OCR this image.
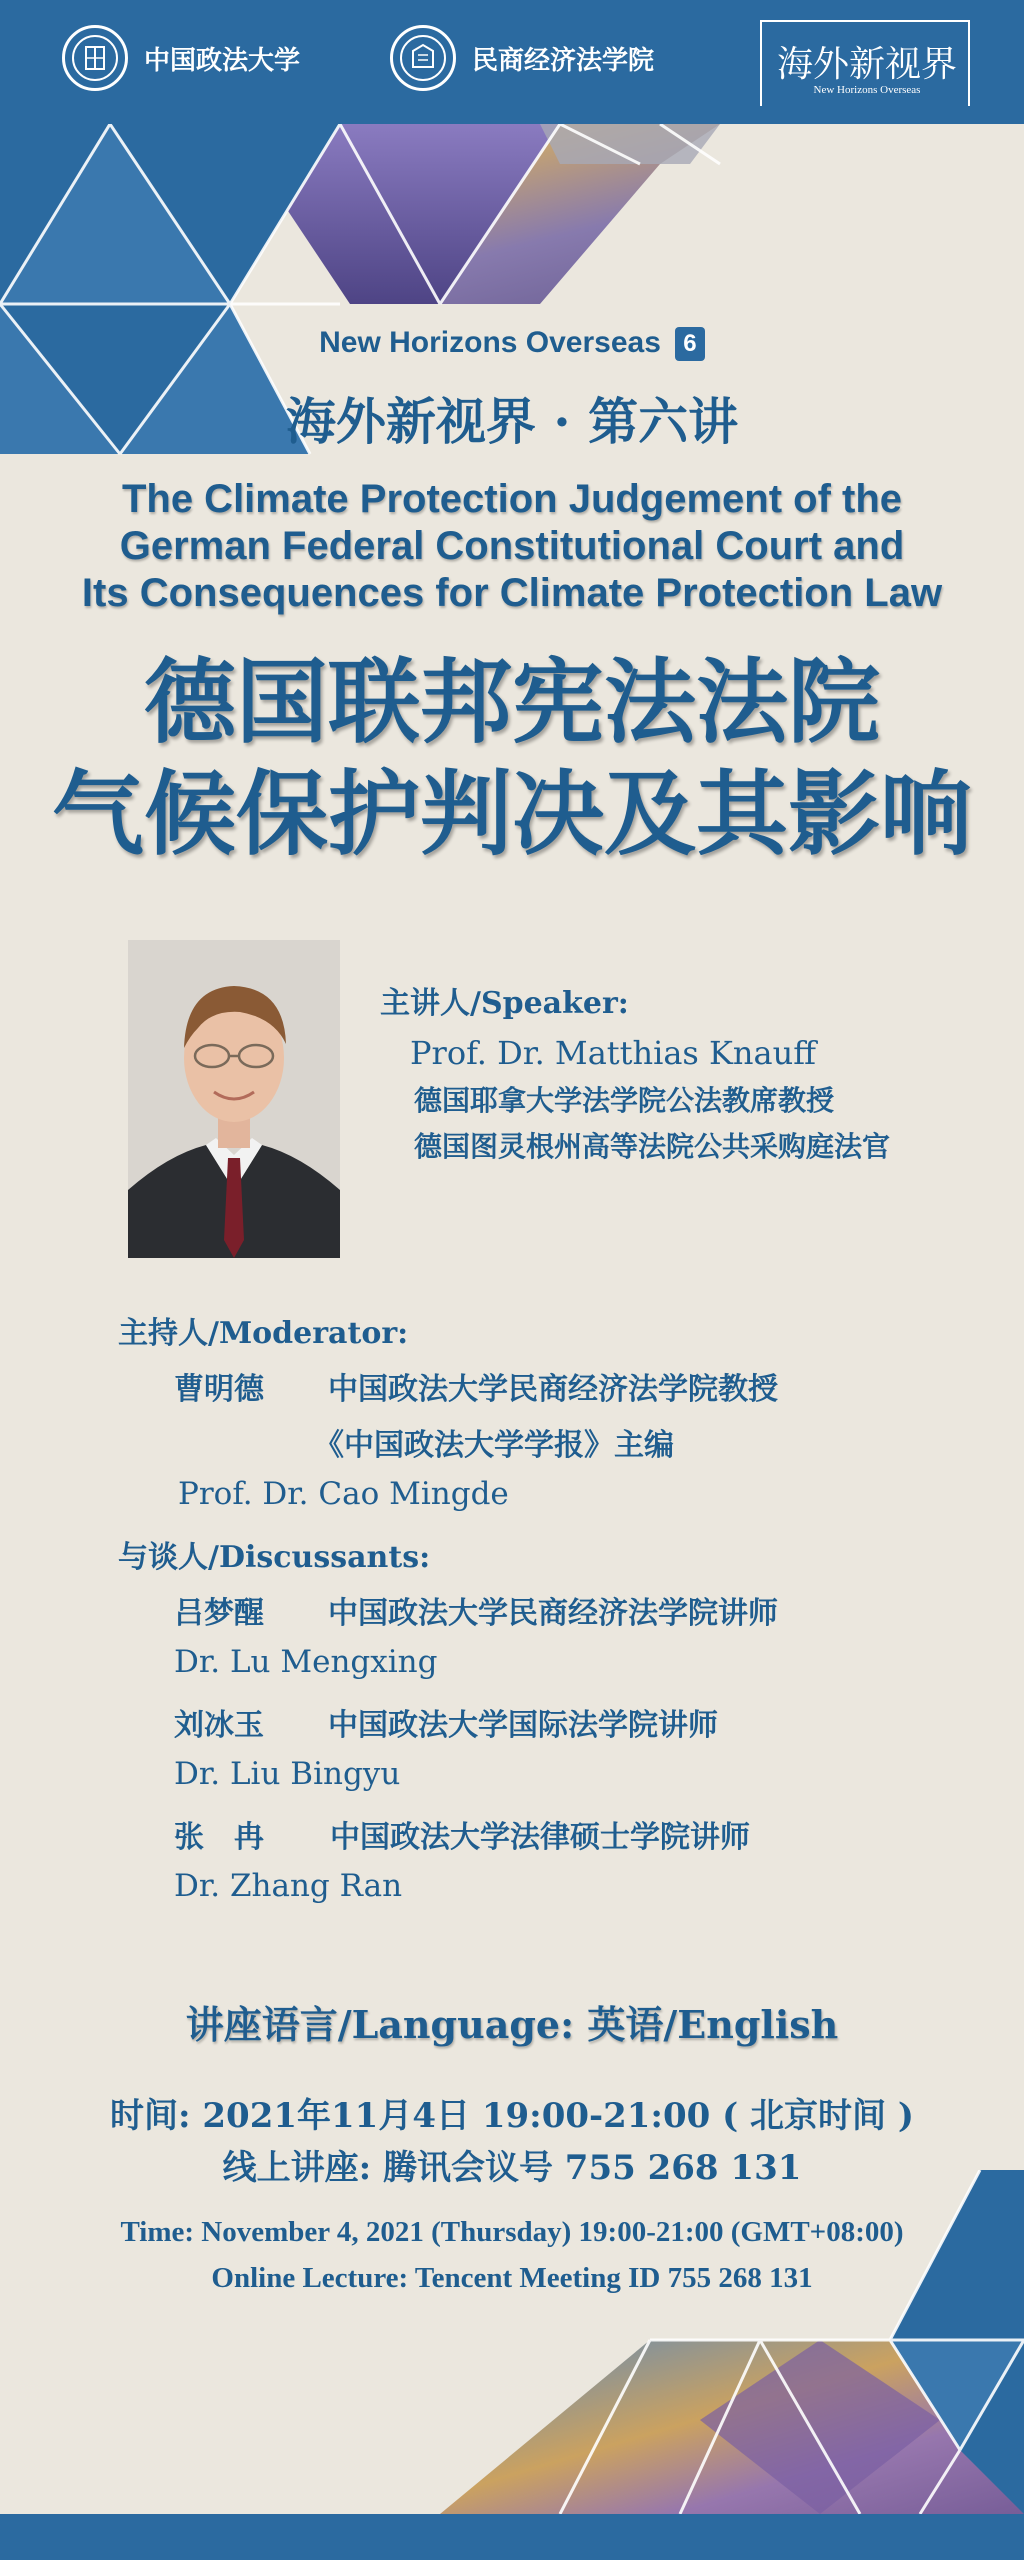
中国政法大学	民商经济法学院	海外新视界
New Horizons Overseas
New Horizons Overseas 6
海外新视界 · 第六讲
The Climate Protection Judgement of the
German Federal Constitutional Court and
Its Consequences for Climate Protection Law
德国联邦宪法法院
气候保护判决及其影响
主讲人/Speaker:
Prof. Dr. Matthias Knauff
德国耶拿大学法学院公法教席教授
德国图灵根州高等法院公共采购庭法官
主持人/Moderator:
曹明德 中国政法大学民商经济法学院教授
《中国政法大学学报》主编
Prof. Dr. Cao Mingde
与谈人/Discussants:
吕梦醒 中国政法大学民商经济法学院讲师
Dr. Lu Mengxing
刘冰玉 中国政法大学国际法学院讲师
Dr. Liu Bingyu
张　冉 中国政法大学法律硕士学院讲师
Dr. Zhang Ran
讲座语言/Language: 英语/English
时间: 2021年11月4日 19:00-21:00 ( 北京时间 )
线上讲座: 腾讯会议号 755 268 131
Time: November 4, 2021 (Thursday) 19:00-21:00 (GMT+08:00)
Online Lecture: Tencent Meeting ID 755 268 131
